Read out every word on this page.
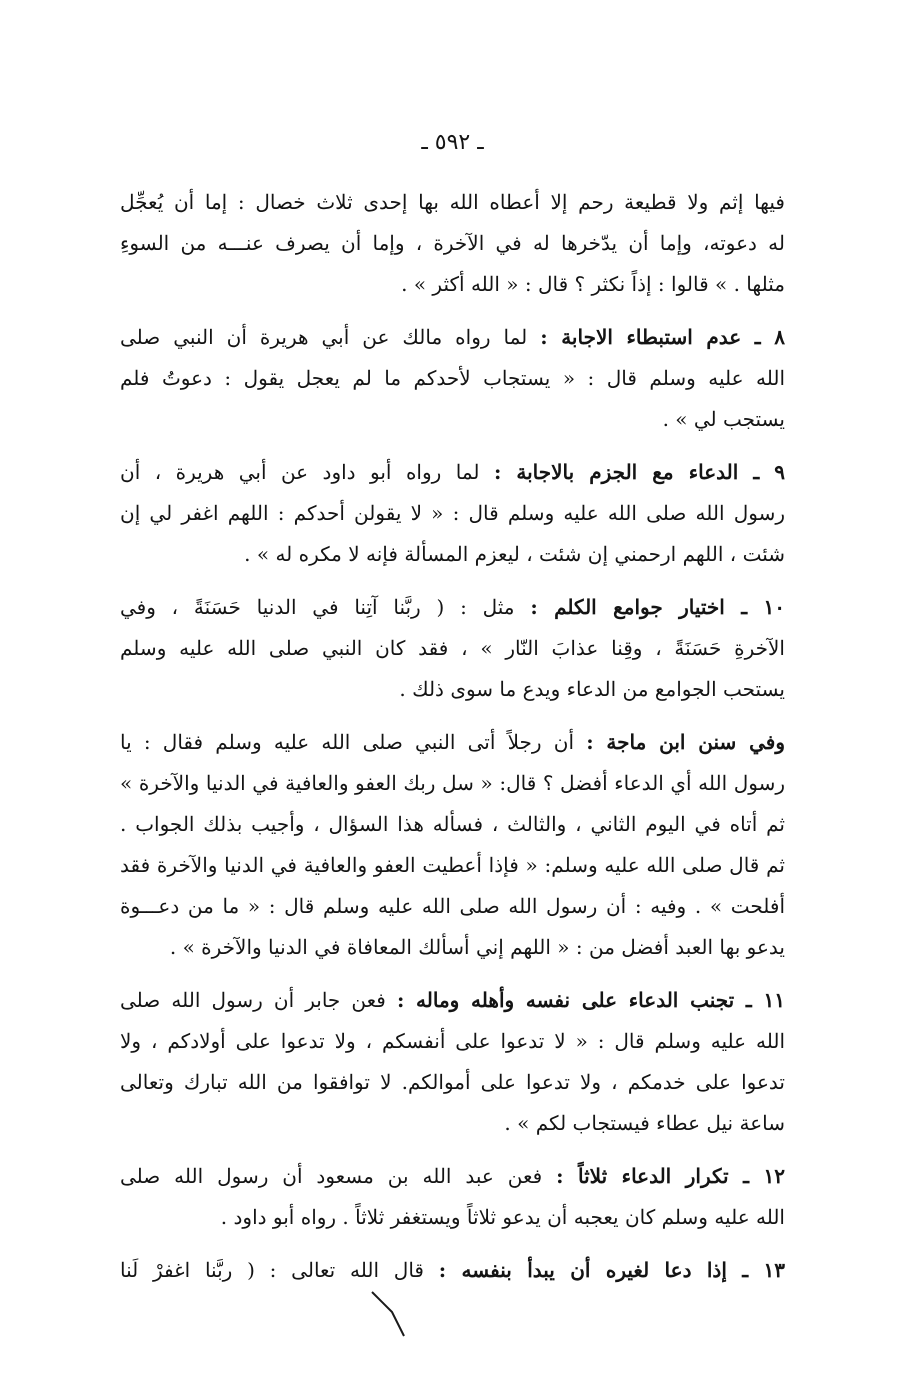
ـ ٥٩٢ ـ
فيها إثم ولا قطيعة رحم إلا أعطاه الله بها إحدى ثلاث خصال : إما أن يُعجِّل
له دعوته، وإما أن يدّخرها له في الآخرة ، وإما أن يصرف عنـــه من السوءِ
مثلها . » قالوا : إذاً نكثر ؟ قال : « الله أكثر » .
٨ ـ عدم استبطاء الاجابة : لما رواه مالك عن أبي هريرة أن النبي صلى
الله عليه وسلم قال : « يستجاب لأحدكم ما لم يعجل يقول : دعوتُ فلم
يستجب لي » .
٩ ـ الدعاء مع الجزم بالاجابة : لما رواه أبو داود عن أبي هريرة ، أن
رسول الله صلى الله عليه وسلم قال : « لا يقولن أحدكم : اللهم اغفر لي إن
شئت ، اللهم ارحمني إن شئت ، ليعزم المسألة فإنه لا مكره له » .
١٠ ـ اختيار جوامع الكلم : مثل : ( ربَّنا آتِنا في الدنيا حَسَنَةً ، وفي
الآخرةِ حَسَنَةً ، وقِنا عذابَ النّار » ، فقد كان النبي صلى الله عليه وسلم
يستحب الجوامع من الدعاء ويدع ما سوى ذلك .
وفي سنن ابن ماجة : أن رجلاً أتى النبي صلى الله عليه وسلم فقال : يا
رسول الله أي الدعاء أفضل ؟ قال: « سل ربك العفو والعافية في الدنيا والآخرة »
ثم أتاه في اليوم الثاني ، والثالث ، فسأله هذا السؤال ، وأجيب بذلك الجواب .
ثم قال صلى الله عليه وسلم: « فإذا أعطيت العفو والعافية في الدنيا والآخرة فقد
أفلحت » . وفيه : أن رسول الله صلى الله عليه وسلم قال : « ما من دعـــوة
يدعو بها العبد أفضل من : « اللهم إني أسألك المعافاة في الدنيا والآخرة » .
١١ ـ تجنب الدعاء على نفسه وأهله وماله : فعن جابر أن رسول الله صلى
الله عليه وسلم قال : « لا تدعوا على أنفسكم ، ولا تدعوا على أولادكم ، ولا
تدعوا على خدمكم ، ولا تدعوا على أموالكم. لا توافقوا من الله تبارك وتعالى
ساعة نيل عطاء فيستجاب لكم » .
١٢ ـ تكرار الدعاء ثلاثاً : فعن عبد الله بن مسعود أن رسول الله صلى
الله عليه وسلم كان يعجبه أن يدعو ثلاثاً ويستغفر ثلاثاً . رواه أبو داود .
١٣ ـ إذا دعا لغيره أن يبدأ بنفسه : قال الله تعالى : ( ربَّنا اغفرْ لَنا
